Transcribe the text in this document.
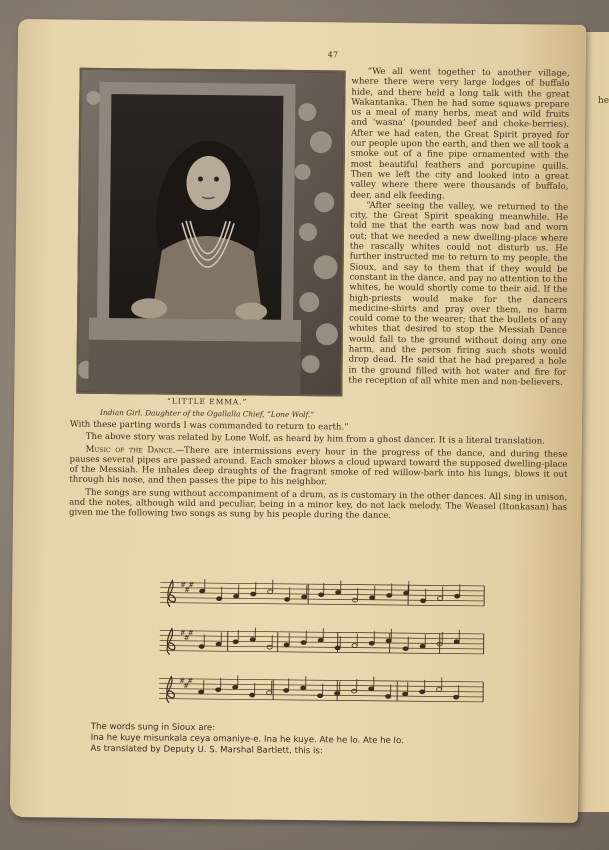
he
47
“LITTLE EMMA.”
Indian Girl. Daughter of the Ogallalla Chief, “Lone Wolf.”

“We all went together to another village, where there were very large lodges of buffalo hide, and there held a long talk with the great Wakantanka. Then he had some squaws prepare us a meal of many herbs, meat and wild fruits and ‘wasna’ (pounded beef and choke-berries). After we had eaten, the Great Spirit prayed for our people upon the earth, and then we all took a smoke out of a fine pipe ornamented with the most beautiful feathers and porcupine quills. Then we left the city and looked into a great valley where there were thousands of buffalo, deer, and elk feeding.

“After seeing the valley, we returned to the city, the Great Spirit speaking meanwhile. He told me that the earth was now bad and worn out; that we needed a new dwelling-place where the rascally whites could not disturb us. He further instructed me to return to my people, the Sioux, and say to them that if they would be constant in the dance, and pay no attention to the whites, he would shortly come to their aid. If the high-priests would make for the dancers medicine-shirts and pray over them, no harm could come to the wearer; that the bullets of any whites that desired to stop the Messiah Dance would fall to the ground without doing any one harm, and the person firing such shots would drop dead. He said that he had prepared a hole in the ground filled with hot water and fire for the reception of all white men and non-believers.

With these parting words I was commanded to return to earth.”

The above story was related by Lone Wolf, as heard by him from a ghost dancer. It is a literal translation.

Music of the Dance.—There are intermissions every hour in the progress of the dance, and during these pauses several pipes are passed around. Each smoker blows a cloud upward toward the supposed dwelling-place of the Messiah. He inhales deep draughts of the fragrant smoke of red willow-bark into his lungs, blows it out through his nose, and then passes the pipe to his neighbor.

The songs are sung without accompaniment of a drum, as is customary in the other dances. All sing in unison, and the notes, although wild and peculiar, being in a minor key, do not lack melody. The Weasel (Itonkasan) has given me the following two songs as sung by his people during the dance.

#
#
#
#
#
#
#
#
#
The words sung in Sioux are:
Ina he kuye misunkala ceya omaniye-e. Ina he kuye. Ate he lo. Ate he lo.
As translated by Deputy U. S. Marshal Bartlett, this is:
